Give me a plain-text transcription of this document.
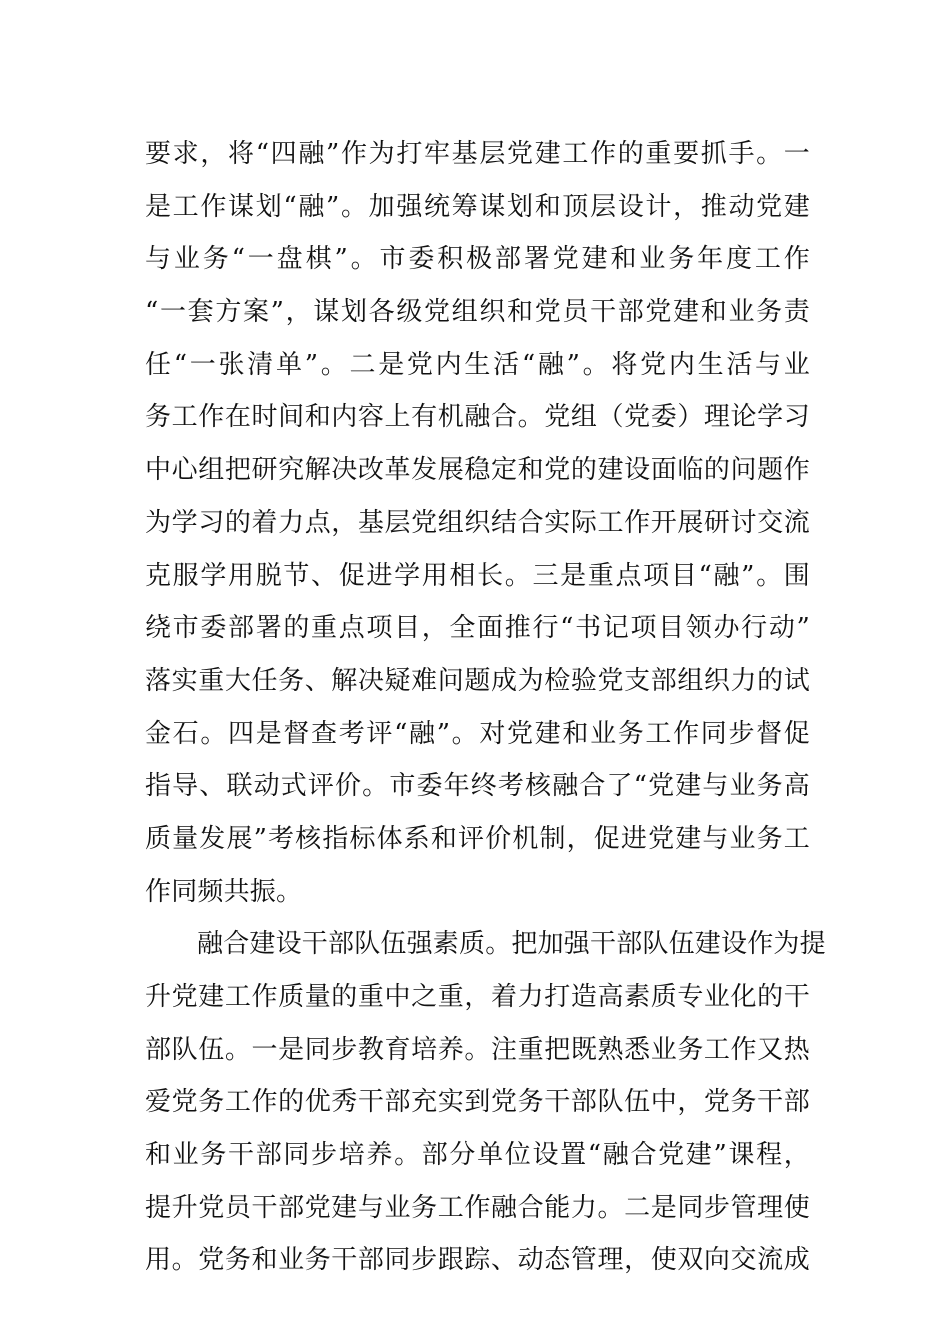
要求，将“四融”作为打牢基层党建工作的重要抓手。一
是工作谋划“融”。加强统筹谋划和顶层设计，推动党建
与业务“一盘棋”。市委积极部署党建和业务年度工作
“一套方案”，谋划各级党组织和党员干部党建和业务责
任“一张清单”。二是党内生活“融”。将党内生活与业
务工作在时间和内容上有机融合。党组（党委）理论学习
中心组把研究解决改革发展稳定和党的建设面临的问题作
为学习的着力点，基层党组织结合实际工作开展研讨交流
克服学用脱节、促进学用相长。三是重点项目“融”。围
绕市委部署的重点项目，全面推行“书记项目领办行动”
落实重大任务、解决疑难问题成为检验党支部组织力的试
金石。四是督查考评“融”。对党建和业务工作同步督促
指导、联动式评价。市委年终考核融合了“党建与业务高
质量发展”考核指标体系和评价机制，促进党建与业务工
作同频共振。
融合建设干部队伍强素质。把加强干部队伍建设作为提
升党建工作质量的重中之重，着力打造高素质专业化的干
部队伍。一是同步教育培养。注重把既熟悉业务工作又热
爱党务工作的优秀干部充实到党务干部队伍中，党务干部
和业务干部同步培养。部分单位设置“融合党建”课程，
提升党员干部党建与业务工作融合能力。二是同步管理使
用。党务和业务干部同步跟踪、动态管理，使双向交流成
